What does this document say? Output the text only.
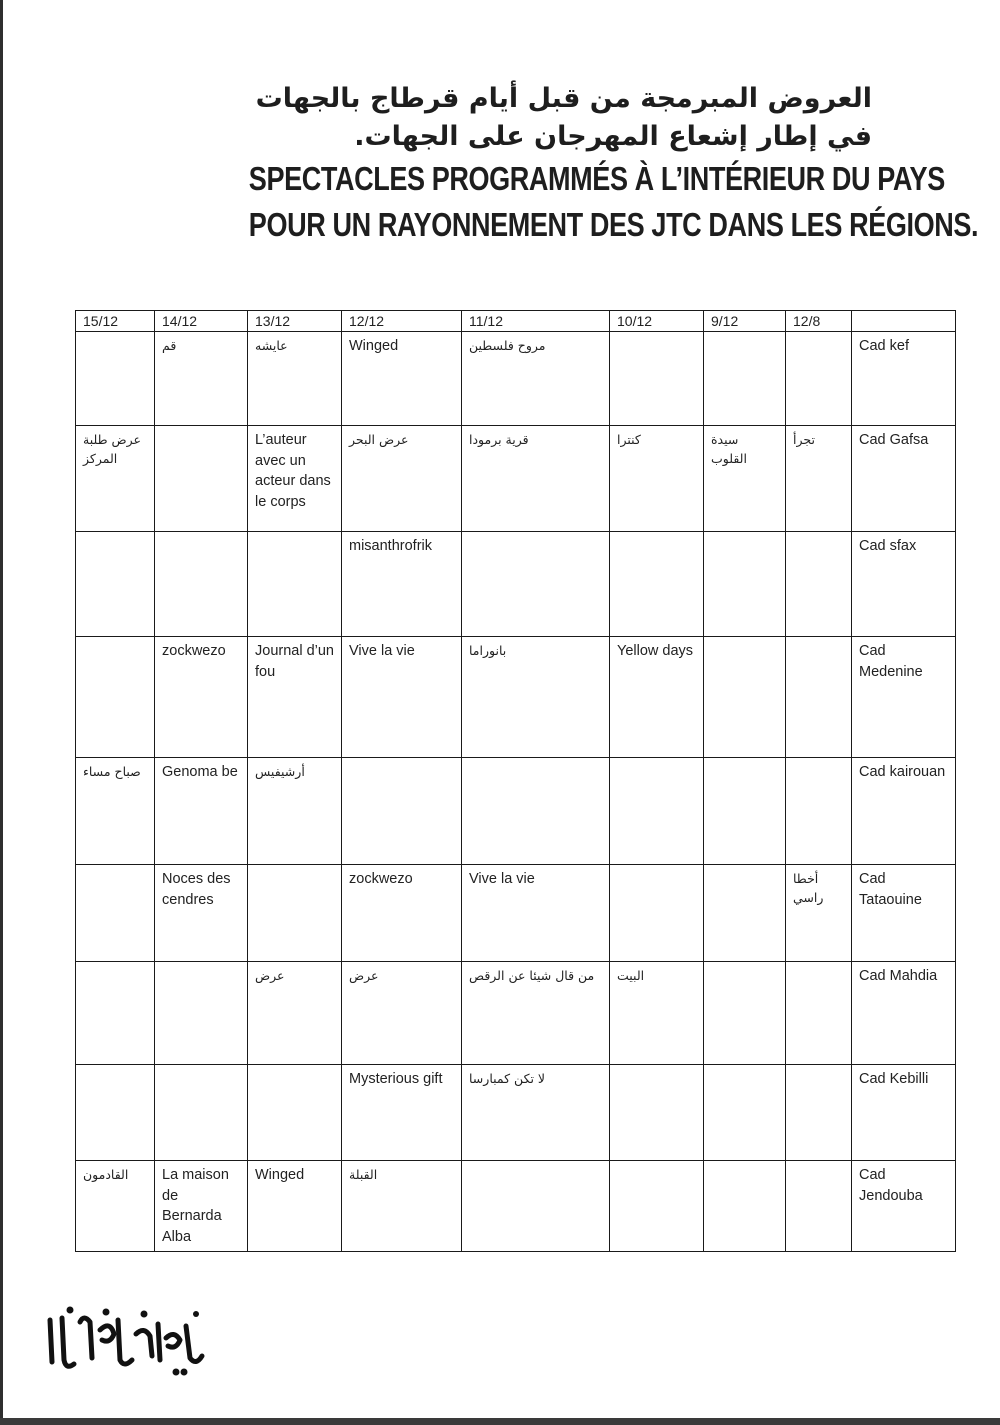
العروض المبرمجة من قبل أيام قرطاج بالجهات
في إطار إشعاع المهرجان على الجهات.
SPECTACLES PROGRAMMÉS À L’INTÉRIEUR DU PAYS
POUR UN RAYONNEMENT DES JTC DANS LES RÉGIONS.
15/12	14/12	13/12	12/12	11/12	10/12	9/12	12/8	

	قم	عايشه	Winged	مروح فلسطين				Cad kef

عرض طلبة المركز		L’auteur avec un acteur dans le corps	عرض البحر	قرية برمودا	كنترا	سيدة القلوب	تجرأ	Cad Gafsa
			misanthrofrik					Cad sfax
	zockwezo	Journal d’un fou	Vive la vie	بانوراما	Yellow days			Cad Medenine

صباح مساء	Genoma be	أرشيفيس						Cad kairouan
	Noces des cendres		zockwezo	Vive la vie			أخطا راسي	Cad Tataouine

		عرض	عرض	من قال شيئا عن الرقص	البيت			Cad Mahdia
			Mysterious gift	لا تكن كمبارسا				Cad Kebilli

القادمون	La maison de Bernarda Alba	Winged	القبلة					Cad Jendouba
